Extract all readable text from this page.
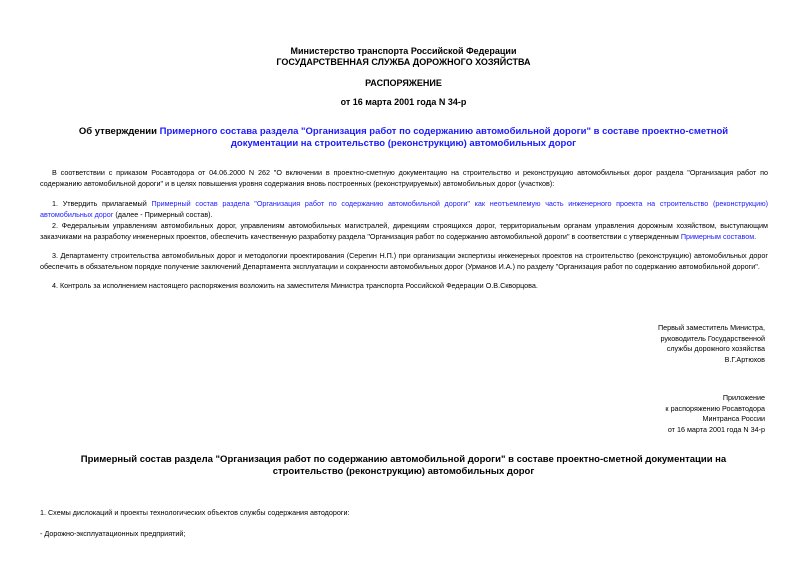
Министерство транспорта Российской Федерации
ГОСУДАРСТВЕННАЯ СЛУЖБА ДОРОЖНОГО ХОЗЯЙСТВА
РАСПОРЯЖЕНИЕ
от 16 марта 2001 года N 34-р
Об утверждении Примерного состава раздела "Организация работ по содержанию автомобильной дороги" в составе проектно-сметной документации на строительство (реконструкцию) автомобильных дорог
В соответствии с приказом Росавтодора от 04.06.2000 N 262 "О включении в проектно-сметную документацию на строительство и реконструкцию автомобильных дорог раздела "Организация работ по содержанию автомобильной дороги" и в целях повышения уровня содержания вновь построенных (реконструируемых) автомобильных дорог (участков):
1. Утвердить прилагаемый Примерный состав раздела "Организация работ по содержанию автомобильной дороги" как неотъемлемую часть инженерного проекта на строительство (реконструкцию) автомобильных дорог (далее - Примерный состав).
2. Федеральным управлениям автомобильных дорог, управлениям автомобильных магистралей, дирекциям строящихся дорог, территориальным органам управления дорожным хозяйством, выступающим заказчиками на разработку инженерных проектов, обеспечить качественную разработку раздела "Организация работ по содержанию автомобильной дороги" в соответствии с утвержденным Примерным составом.
3. Департаменту строительства автомобильных дорог и методологии проектирования (Серегин Н.П.) при организации экспертизы инженерных проектов на строительство (реконструкцию) автомобильных дорог обеспечить в обязательном порядке получение заключений Департамента эксплуатации и сохранности автомобильных дорог (Урманов И.А.) по разделу "Организация работ по содержанию автомобильной дороги".
4. Контроль за исполнением настоящего распоряжения возложить на заместителя Министра транспорта Российской Федерации О.В.Скворцова.
Первый заместитель Министра,
руководитель Государственной
службы дорожного хозяйства
В.Г.Артюхов
Приложение
к распоряжению Росавтодора
Минтранса России
от 16 марта 2001 года N 34-р
Примерный состав раздела "Организация работ по содержанию автомобильной дороги" в составе проектно-сметной документации на строительство (реконструкцию) автомобильных дорог
1. Схемы дислокаций и проекты технологических объектов службы содержания автодороги:
- Дорожно-эксплуатационных предприятий;
